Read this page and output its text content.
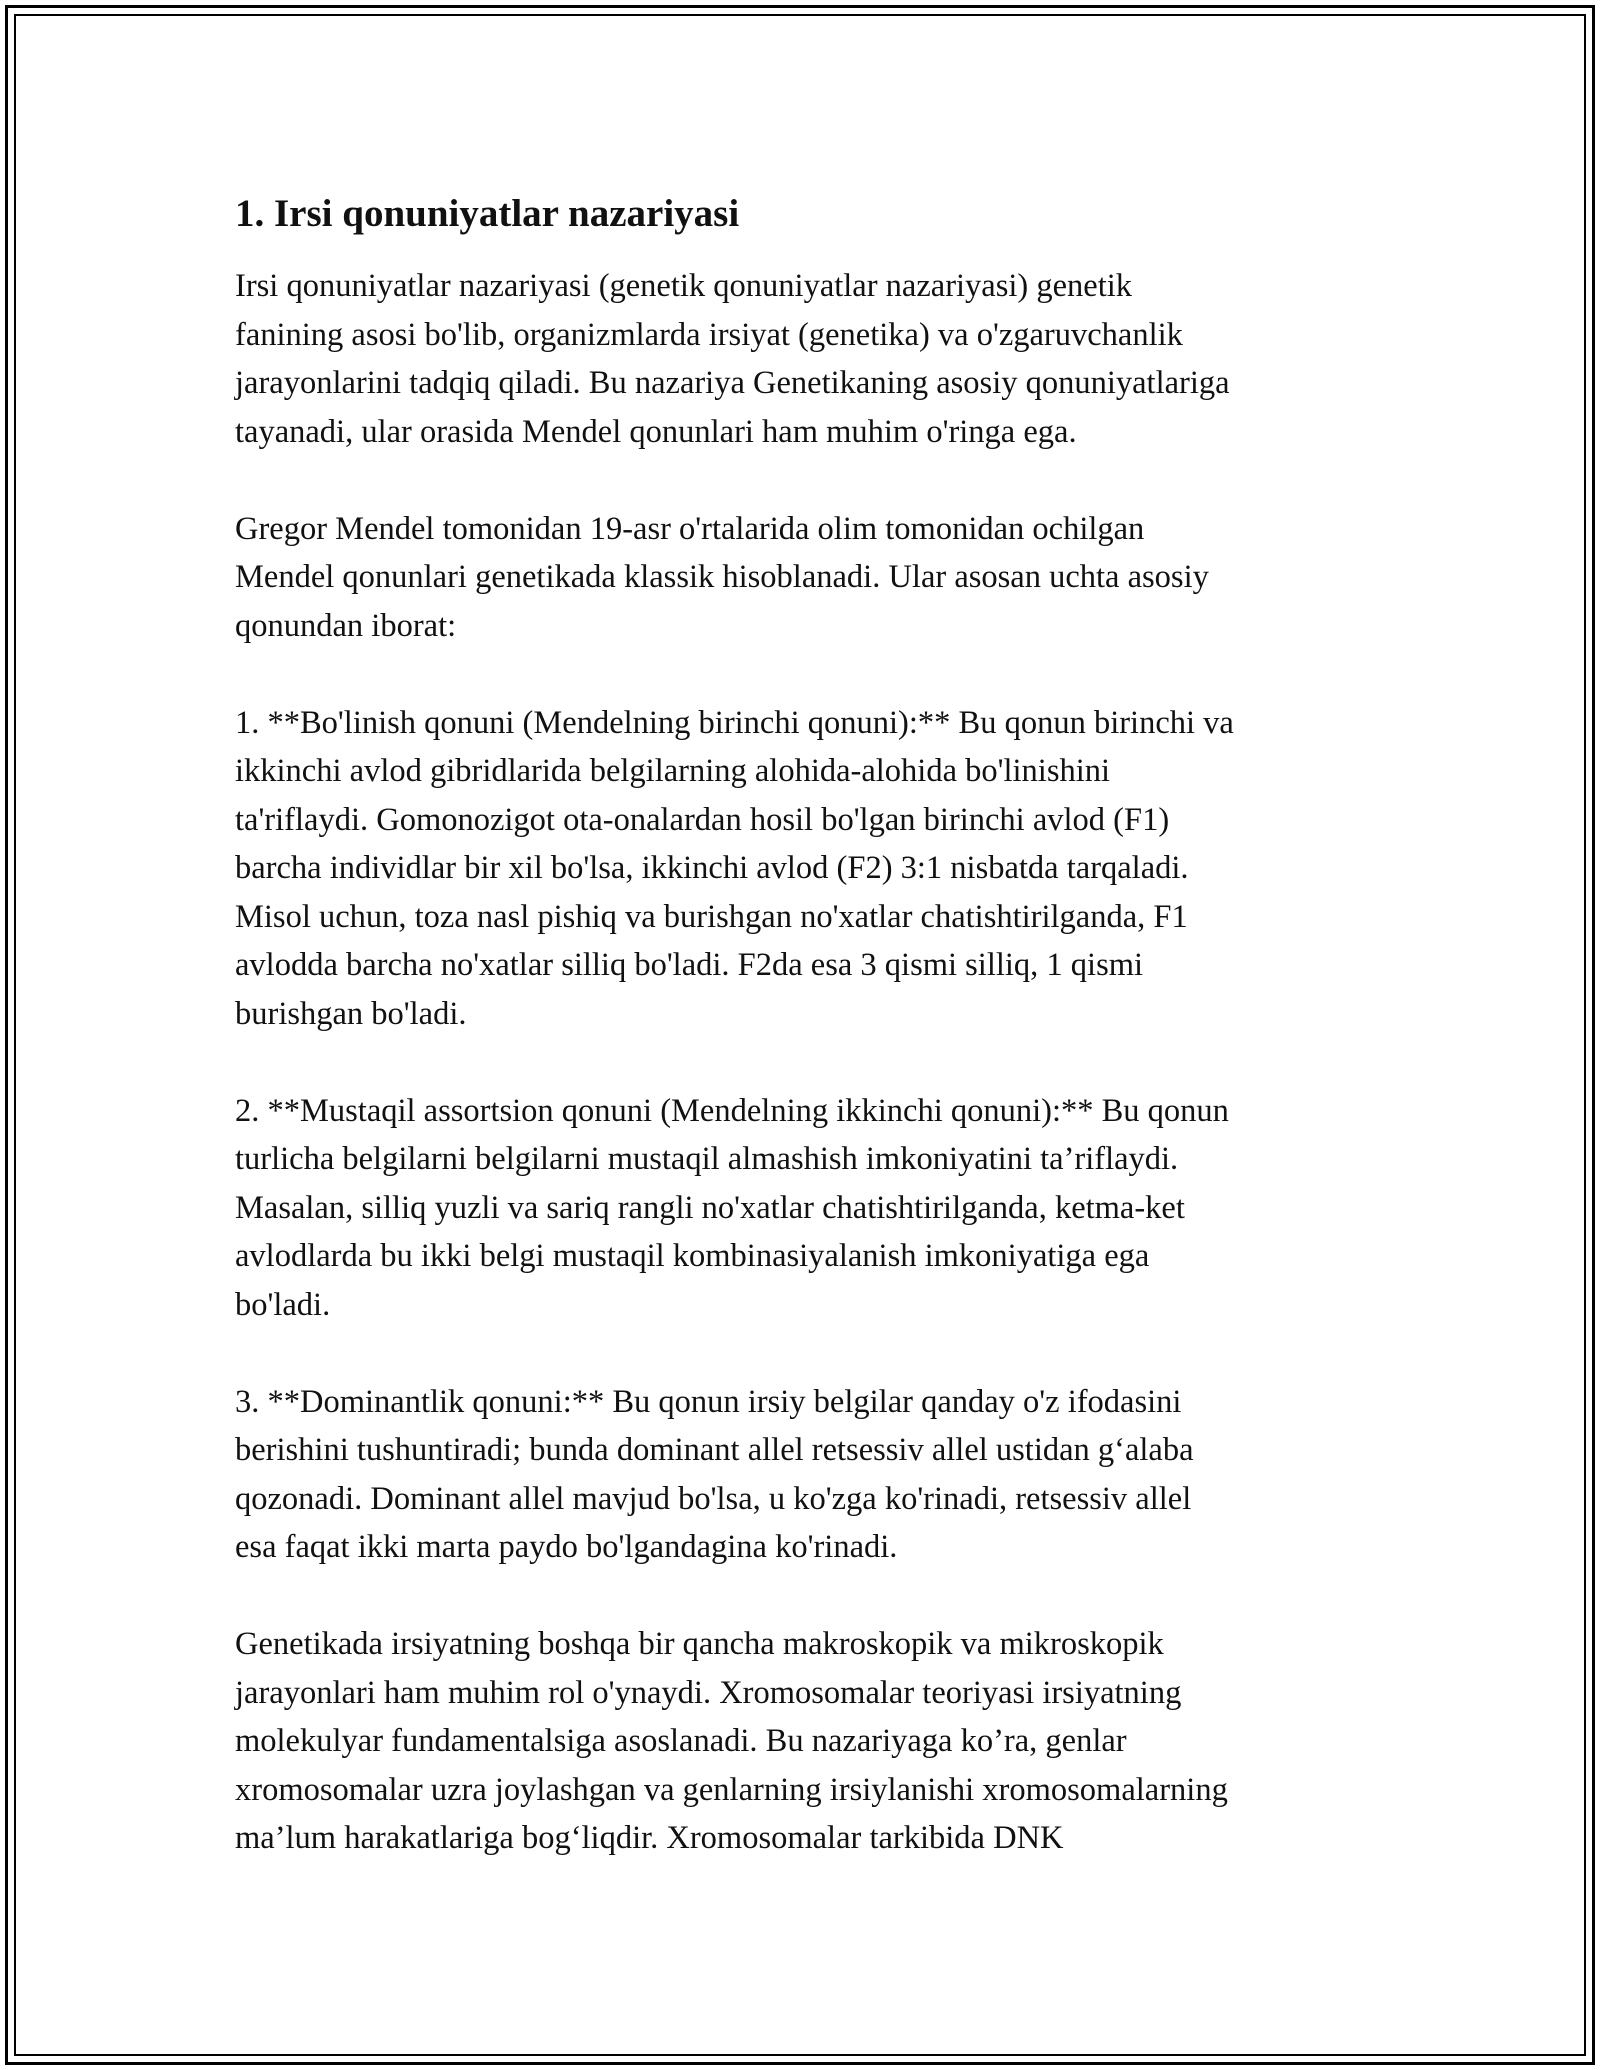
1. Irsi qonuniyatlar nazariyasi

Irsi qonuniyatlar nazariyasi (genetik qonuniyatlar nazariyasi) genetik
fanining asosi bo'lib, organizmlarda irsiyat (genetika) va o'zgaruvchanlik
jarayonlarini tadqiq qiladi. Bu nazariya Genetikaning asosiy qonuniyatlariga
tayanadi, ular orasida Mendel qonunlari ham muhim o'ringa ega.

Gregor Mendel tomonidan 19-asr o'rtalarida olim tomonidan ochilgan
Mendel qonunlari genetikada klassik hisoblanadi. Ular asosan uchta asosiy
qonundan iborat:

1. **Bo'linish qonuni (Mendelning birinchi qonuni):** Bu qonun birinchi va
ikkinchi avlod gibridlarida belgilarning alohida-alohida bo'linishini
ta'riflaydi. Gomonozigot ota-onalardan hosil bo'lgan birinchi avlod (F1)
barcha individlar bir xil bo'lsa, ikkinchi avlod (F2) 3:1 nisbatda tarqaladi.
Misol uchun, toza nasl pishiq va burishgan no'xatlar chatishtirilganda, F1
avlodda barcha no'xatlar silliq bo'ladi. F2da esa 3 qismi silliq, 1 qismi
burishgan bo'ladi.

2. **Mustaqil assortsion qonuni (Mendelning ikkinchi qonuni):** Bu qonun
turlicha belgilarni belgilarni mustaqil almashish imkoniyatini ta’riflaydi.
Masalan, silliq yuzli va sariq rangli no'xatlar chatishtirilganda, ketma-ket
avlodlarda bu ikki belgi mustaqil kombinasiyalanish imkoniyatiga ega
bo'ladi.

3. **Dominantlik qonuni:** Bu qonun irsiy belgilar qanday o'z ifodasini
berishini tushuntiradi; bunda dominant allel retsessiv allel ustidan g‘alaba
qozonadi. Dominant allel mavjud bo'lsa, u ko'zga ko'rinadi, retsessiv allel
esa faqat ikki marta paydo bo'lgandagina ko'rinadi.

Genetikada irsiyatning boshqa bir qancha makroskopik va mikroskopik
jarayonlari ham muhim rol o'ynaydi. Xromosomalar teoriyasi irsiyatning
molekulyar fundamentalsiga asoslanadi. Bu nazariyaga ko’ra, genlar
xromosomalar uzra joylashgan va genlarning irsiylanishi xromosomalarning
ma’lum harakatlariga bog‘liqdir. Xromosomalar tarkibida DNK
